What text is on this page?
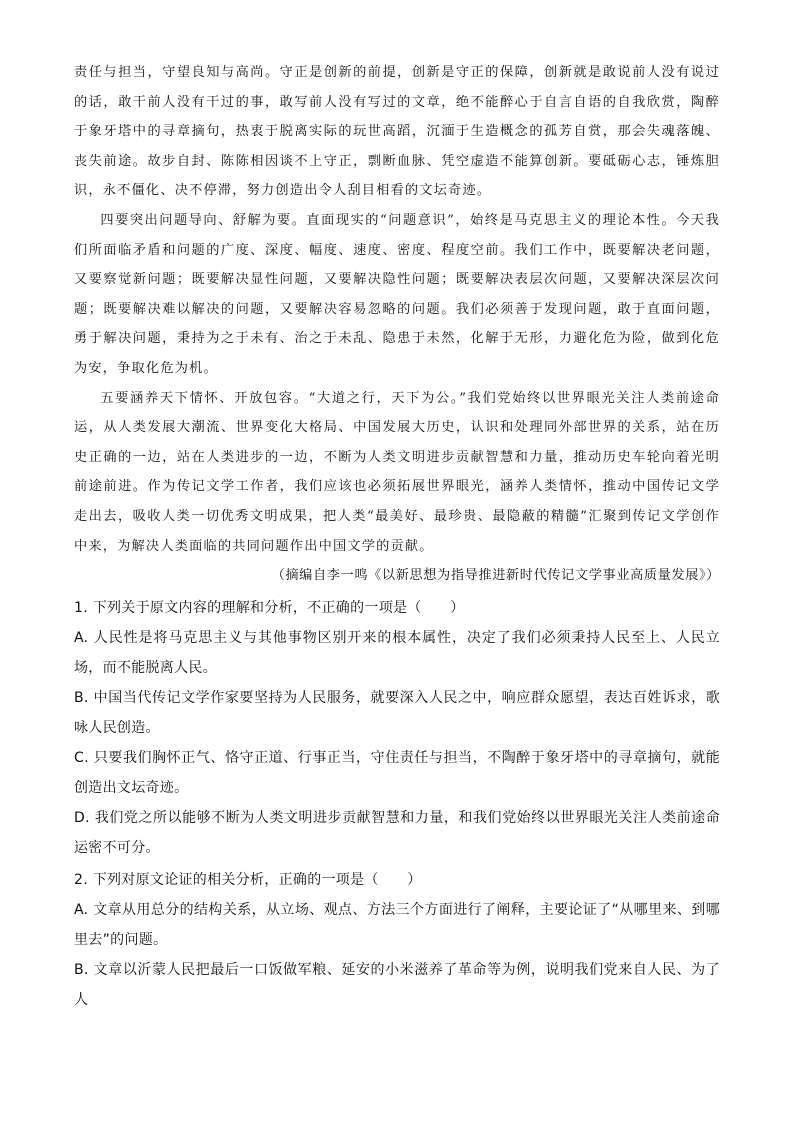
责任与担当，守望良知与高尚。守正是创新的前提，创新是守正的保障，创新就是敢说前人没有说过的话，敢干前人没有干过的事，敢写前人没有写过的文章，绝不能醉心于自言自语的自我欣赏，陶醉于象牙塔中的寻章摘句，热衷于脱离实际的玩世高蹈，沉湎于生造概念的孤芳自赏，那会失魂落魄、丧失前途。故步自封、陈陈相因谈不上守正，剽断血脉、凭空虚造不能算创新。要砥砺心志，锤炼胆识，永不僵化、决不停滞，努力创造出令人刮目相看的文坛奇迹。

四要突出问题导向、舒解为要。直面现实的“问题意识”，始终是马克思主义的理论本性。今天我们所面临矛盾和问题的广度、深度、幅度、速度、密度、程度空前。我们工作中，既要解决老问题，又要察觉新问题；既要解决显性问题，又要解决隐性问题；既要解决表层次问题，又要解决深层次问题；既要解决难以解决的问题，又要解决容易忽略的问题。我们必须善于发现问题，敢于直面问题，勇于解决问题，秉持为之于未有、治之于未乱、隐患于未然，化解于无形，力避化危为险，做到化危为安，争取化危为机。

五要涵养天下情怀、开放包容。“大道之行，天下为公。”我们党始终以世界眼光关注人类前途命运，从人类发展大潮流、世界变化大格局、中国发展大历史，认识和处理同外部世界的关系，站在历史正确的一边，站在人类进步的一边，不断为人类文明进步贡献智慧和力量，推动历史车轮向着光明前途前进。作为传记文学工作者，我们应该也必须拓展世界眼光，涵养人类情怀，推动中国传记文学走出去，吸收人类一切优秀文明成果，把人类“最美好、最珍贵、最隐蔽的精髓”汇聚到传记文学创作中来，为解决人类面临的共同问题作出中国文学的贡献。

（摘编自李一鸣《以新思想为指导推进新时代传记文学事业高质量发展》）

1. 下列关于原文内容的理解和分析，不正确的一项是（　　）

A. 人民性是将马克思主义与其他事物区别开来的根本属性，决定了我们必须秉持人民至上、人民立场，而不能脱离人民。

B. 中国当代传记文学作家要坚持为人民服务，就要深入人民之中，响应群众愿望，表达百姓诉求，歌咏人民创造。

C. 只要我们胸怀正气、恪守正道、行事正当，守住责任与担当，不陶醉于象牙塔中的寻章摘句，就能创造出文坛奇迹。

D. 我们党之所以能够不断为人类文明进步贡献智慧和力量，和我们党始终以世界眼光关注人类前途命运密不可分。

2. 下列对原文论证的相关分析，正确的一项是（　　）

A. 文章从用总分的结构关系，从立场、观点、方法三个方面进行了阐释，主要论证了“从哪里来、到哪里去”的问题。

B. 文章以沂蒙人民把最后一口饭做军粮、延安的小米滋养了革命等为例，说明我们党来自人民、为了人
